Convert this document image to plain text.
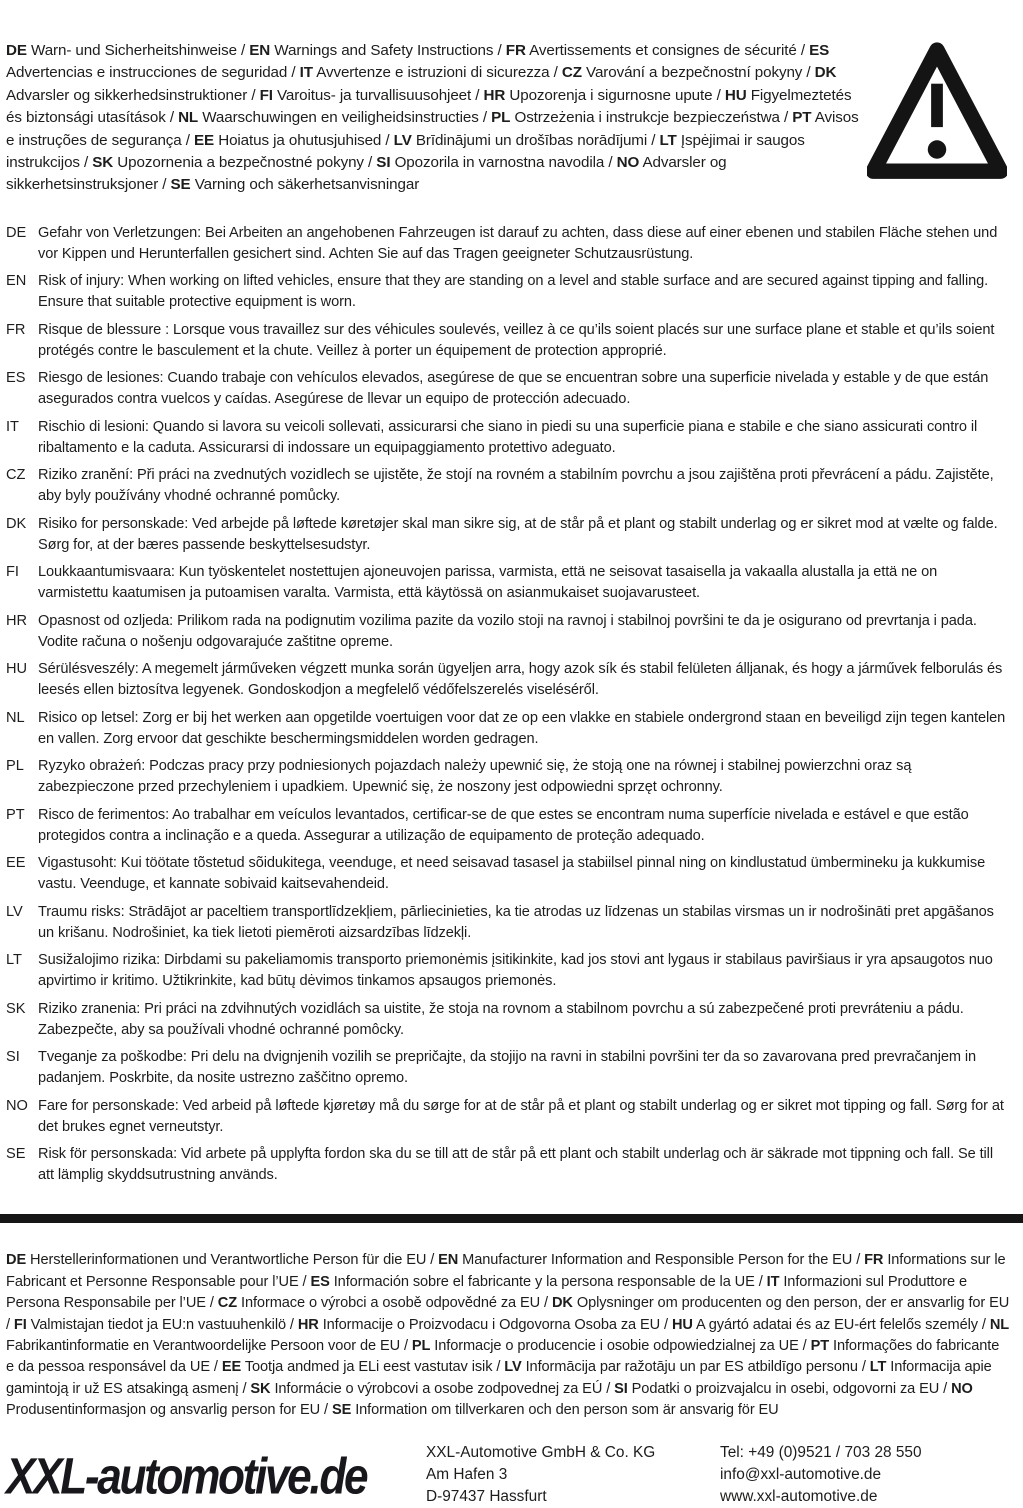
DE Warn- und Sicherheitshinweise / EN Warnings and Safety Instructions / FR Avertissements et consignes de sécurité / ES Advertencias e instrucciones de seguridad / IT Avvertenze e istruzioni di sicurezza / CZ Varování a bezpečnostní pokyny / DK Advarsler og sikkerhedsinstruktioner / FI Varoitus- ja turvallisuusohjeet / HR Upozorenja i sigurnosne upute / HU Figyelmeztetés és biztonsági utasítások / NL Waarschuwingen en veiligheidsinstructies / PL Ostrzeżenia i instrukcje bezpieczeństwa / PT Avisos e instruções de segurança / EE Hoiatus ja ohutusjuhised / LV Brīdinājumi un drošības norādījumi / LT Įspėjimai ir saugos instrukcijos / SK Upozornenia a bezpečnostné pokyny / SI Opozorila in varnostna navodila / NO Advarsler og sikkerhetsinstruksjoner / SE Varning och säkerhetsanvisningar
DE Gefahr von Verletzungen: Bei Arbeiten an angehobenen Fahrzeugen ist darauf zu achten, dass diese auf einer ebenen und stabilen Fläche stehen und vor Kippen und Herunterfallen gesichert sind. Achten Sie auf das Tragen geeigneter Schutzausrüstung.

EN Risk of injury: When working on lifted vehicles, ensure that they are standing on a level and stable surface and are secured against tipping and falling. Ensure that suitable protective equipment is worn.

FR Risque de blessure : Lorsque vous travaillez sur des véhicules soulevés, veillez à ce qu’ils soient placés sur une surface plane et stable et qu’ils soient protégés contre le basculement et la chute. Veillez à porter un équipement de protection approprié.

ES Riesgo de lesiones: Cuando trabaje con vehículos elevados, asegúrese de que se encuentran sobre una superficie nivelada y estable y de que están asegurados contra vuelcos y caídas. Asegúrese de llevar un equipo de protección adecuado.

IT	Rischio di lesioni: Quando si lavora su veicoli sollevati, assicurarsi che siano in piedi su una superficie piana e stabile e che siano assicurati contro il ribaltamento e la caduta. Assicurarsi di indossare un equipaggiamento protettivo adeguato.

CZ Riziko zranění: Při práci na zvednutých vozidlech se ujistěte, že stojí na rovném a stabilním povrchu a jsou zajištěna proti převrácení a pádu. Zajistěte, aby byly používány vhodné ochranné pomůcky.

DK Risiko for personskade: Ved arbejde på løftede køretøjer skal man sikre sig, at de står på et plant og stabilt underlag og er sikret mod at vælte og falde. Sørg for, at der bæres passende beskyttelsesudstyr.

FI	Loukkaantumisvaara: Kun työskentelet nostettujen ajoneuvojen parissa, varmista, että ne seisovat tasaisella ja vakaalla alustalla ja että ne on varmistettu kaatumisen ja putoamisen varalta. Varmista, että käytössä on asianmukaiset suojavarusteet.

HR Opasnost od ozljeda: Prilikom rada na podignutim vozilima pazite da vozilo stoji na ravnoj i stabilnoj površini te da je osigurano od prevrtanja i pada. Vodite računa o nošenju odgovarajuće zaštitne opreme.

HU Sérülésveszély: A megemelt járműveken végzett munka során ügyeljen arra, hogy azok sík és stabil felületen álljanak, és hogy a járművek felborulás és leesés ellen biztosítva legyenek. Gondoskodjon a megfelelő védőfelszerelés viseléséről.

NL Risico op letsel: Zorg er bij het werken aan opgetilde voertuigen voor dat ze op een vlakke en stabiele ondergrond staan en beveiligd zijn tegen kantelen en vallen. Zorg ervoor dat geschikte beschermingsmiddelen worden gedragen.

PL Ryzyko obrażeń: Podczas pracy przy podniesionych pojazdach należy upewnić się, że stoją one na równej i stabilnej powierzchni oraz są zabezpieczone przed przechyleniem i upadkiem. Upewnić się, że noszony jest odpowiedni sprzęt ochronny.

PT Risco de ferimentos: Ao trabalhar em veículos levantados, certificar-se de que estes se encontram numa superfície nivelada e estável e que estão protegidos contra a inclinação e a queda. Assegurar a utilização de equipamento de proteção adequado.

EE Vigastusoht: Kui töötate tõstetud sõidukitega, veenduge, et need seisavad tasasel ja stabiilsel pinnal ning on kindlustatud ümbermineku ja kukkumise vastu. Veenduge, et kannate sobivaid kaitsevahendeid.

LV	Traumu risks: Strādājot ar paceltiem transportlīdzekļiem, pārliecinieties, ka tie atrodas uz līdzenas un stabilas virsmas un ir nodrošināti pret apgāšanos un krišanu. Nodrošiniet, ka tiek lietoti piemēroti aizsardzības līdzekļi.

LT	Susižalojimo rizika: Dirbdami su pakeliamomis transporto priemonėmis įsitikinkite, kad jos stovi ant lygaus ir stabilaus paviršiaus ir yra apsaugotos nuo apvirtimo ir kritimo. Užtikrinkite, kad būtų dėvimos tinkamos apsaugos priemonės.

SK Riziko zranenia: Pri práci na zdvihnutých vozidlách sa uistite, že stoja na rovnom a stabilnom povrchu a sú zabezpečené proti prevráteniu a pádu. Zabezpečte, aby sa používali vhodné ochranné pomôcky.

SI	Tveganje za poškodbe: Pri delu na dvignjenih vozilih se prepričajte, da stojijo na ravni in stabilni površini ter da so zavarovana pred prevračanjem in padanjem. Poskrbite, da nosite ustrezno zaščitno opremo.

NO Fare for personskade: Ved arbeid på løftede kjøretøy må du sørge for at de står på et plant og stabilt underlag og er sikret mot tipping og fall. Sørg for at det brukes egnet verneutstyr.

SE Risk för personskada: Vid arbete på upplyfta fordon ska du se till att de står på ett plant och stabilt underlag och är säkrade mot tippning och fall. Se till att lämplig skyddsutrustning används.

DE Herstellerinformationen und Verantwortliche Person für die EU / EN Manufacturer Information and Responsible Person for the EU / FR Informations sur le Fabricant et Personne Responsable pour l’UE / ES Información sobre el fabricante y la persona responsable de la UE / IT Informazioni sul Produttore e Persona Responsabile per l’UE / CZ Informace o výrobci a osobě odpovědné za EU / DK Oplysninger om producenten og den person, der er ansvarlig for EU / FI Valmistajan tiedot ja EU:n vastuuhenkilö / HR Informacije o Proizvodacu i Odgovorna Osoba za EU / HU A gyártó adatai és az EU-ért felelős személy / NL Fabrikantinformatie en Verantwoordelijke Persoon voor de EU / PL Informacje o producencie i osobie odpowiedzialnej za UE / PT Informações do fabricante e da pessoa responsável da UE / EE Tootja andmed ja ELi eest vastutav isik / LV Informācija par ražotāju un par ES atbildīgo personu / LT Informacija apie gamintoją ir už ES atsakingą asmenį / SK Informácie o výrobcovi a osobe zodpovednej za EÚ / SI Podatki o proizvajalcu in osebi, odgovorni za EU / NO Produsentinformasjon og ansvarlig person for EU / SE Information om tillverkaren och den person som är ansvarig för EU
XXL-automotive.de	XXL-Automotive GmbH & Co. KG
Am Hafen 3
D-97437 Hassfurt
Tel: +49 (0)9521 / 703 28 550
info@xxl-automotive.de
www.xxl-automotive.de
